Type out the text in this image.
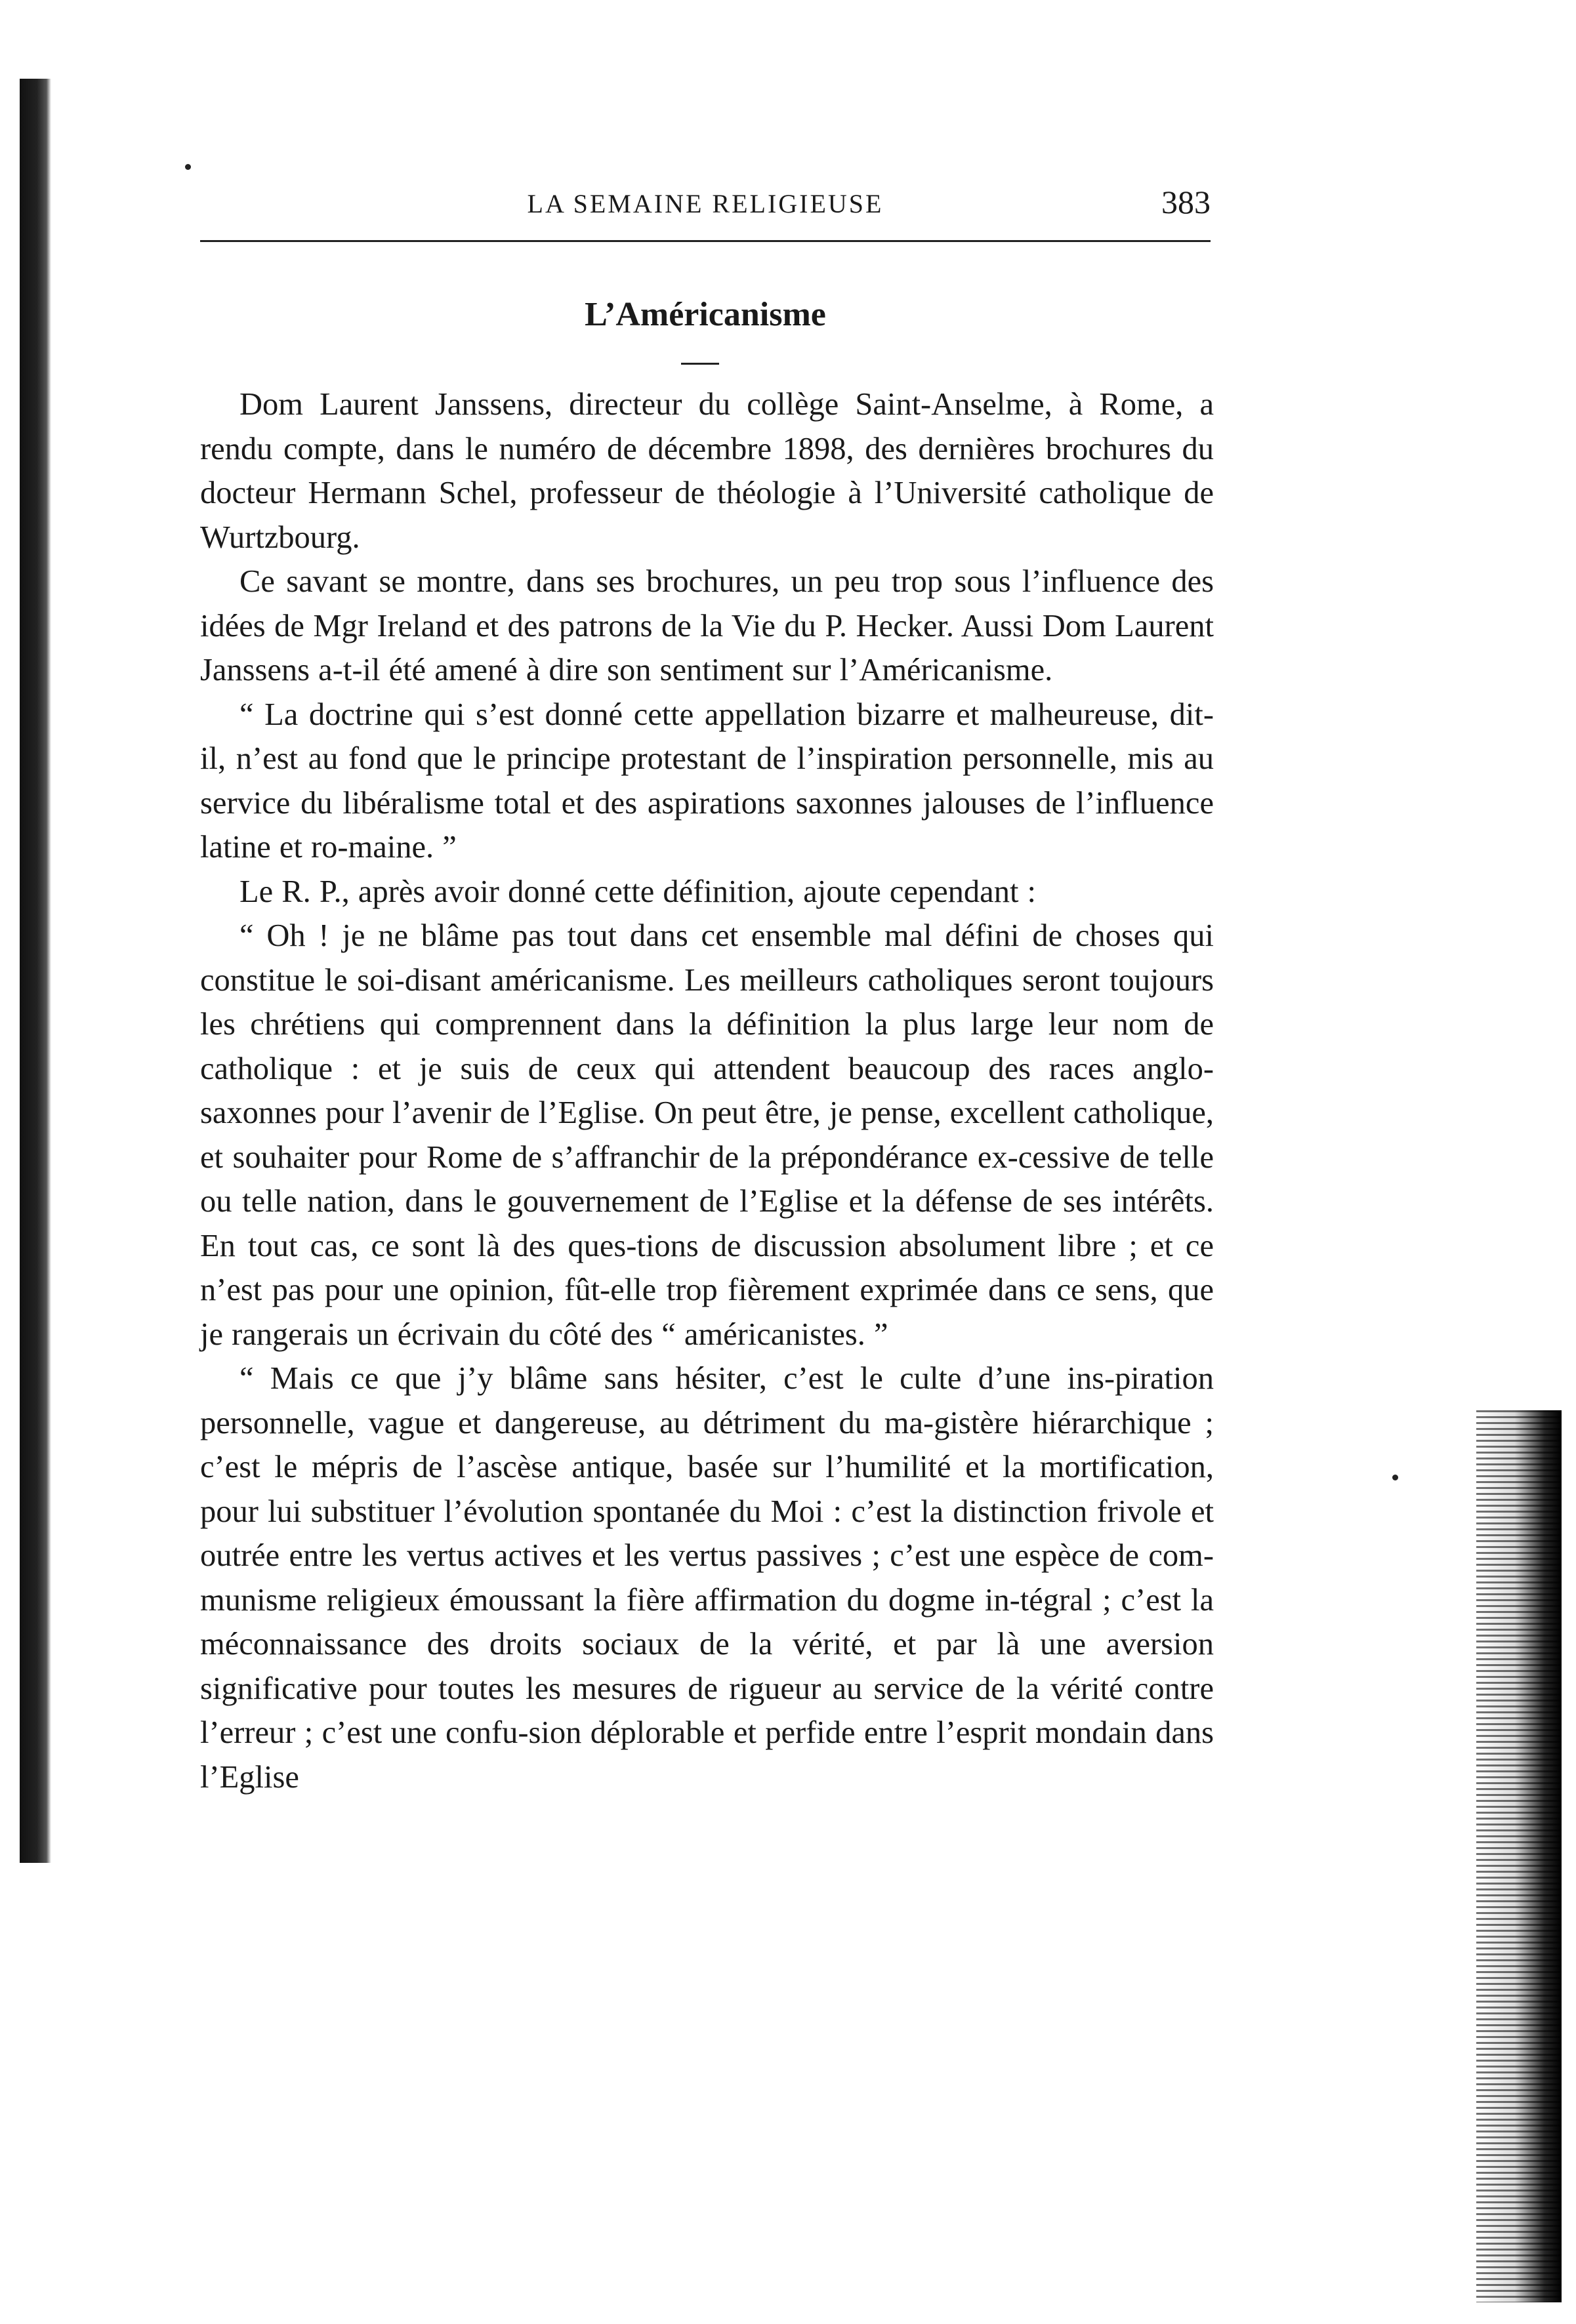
LA SEMAINE RELIGIEUSE	383
L’Américanisme

Dom Laurent Janssens, directeur du collège Saint-Anselme, à Rome, a rendu compte, dans le numéro de décembre 1898, des dernières brochures du docteur Hermann Schel, professeur de théologie à l’Université catholique de Wurtzbourg.

Ce savant se montre, dans ses brochures, un peu trop sous l’influence des idées de Mgr Ireland et des patrons de la Vie du P. Hecker. Aussi Dom Laurent Janssens a-t-il été amené à dire son sentiment sur l’Américanisme.

“ La doctrine qui s’est donné cette appellation bizarre et malheureuse, dit-il, n’est au fond que le principe protestant de l’inspiration personnelle, mis au service du libéralisme total et des aspirations saxonnes jalouses de l’influence latine et ro-maine. ”

Le R. P., après avoir donné cette définition, ajoute cependant :

“ Oh ! je ne blâme pas tout dans cet ensemble mal défini de choses qui constitue le soi-disant américanisme. Les meilleurs catholiques seront toujours les chrétiens qui comprennent dans la définition la plus large leur nom de catholique : et je suis de ceux qui attendent beaucoup des races anglo-saxonnes pour l’avenir de l’Eglise. On peut être, je pense, excellent catholique, et souhaiter pour Rome de s’affranchir de la prépondérance ex-cessive de telle ou telle nation, dans le gouvernement de l’Eglise et la défense de ses intérêts. En tout cas, ce sont là des ques-tions de discussion absolument libre ; et ce n’est pas pour une opinion, fût-elle trop fièrement exprimée dans ce sens, que je rangerais un écrivain du côté des “ américanistes. ”

“ Mais ce que j’y blâme sans hésiter, c’est le culte d’une ins-piration personnelle, vague et dangereuse, au détriment du ma-gistère hiérarchique ; c’est le mépris de l’ascèse antique, basée sur l’humilité et la mortification, pour lui substituer l’évolution spontanée du Moi : c’est la distinction frivole et outrée entre les vertus actives et les vertus passives ; c’est une espèce de com-munisme religieux émoussant la fière affirmation du dogme in-tégral ; c’est la méconnaissance des droits sociaux de la vérité, et par là une aversion significative pour toutes les mesures de rigueur au service de la vérité contre l’erreur ; c’est une confu-sion déplorable et perfide entre l’esprit mondain dans l’Eglise
